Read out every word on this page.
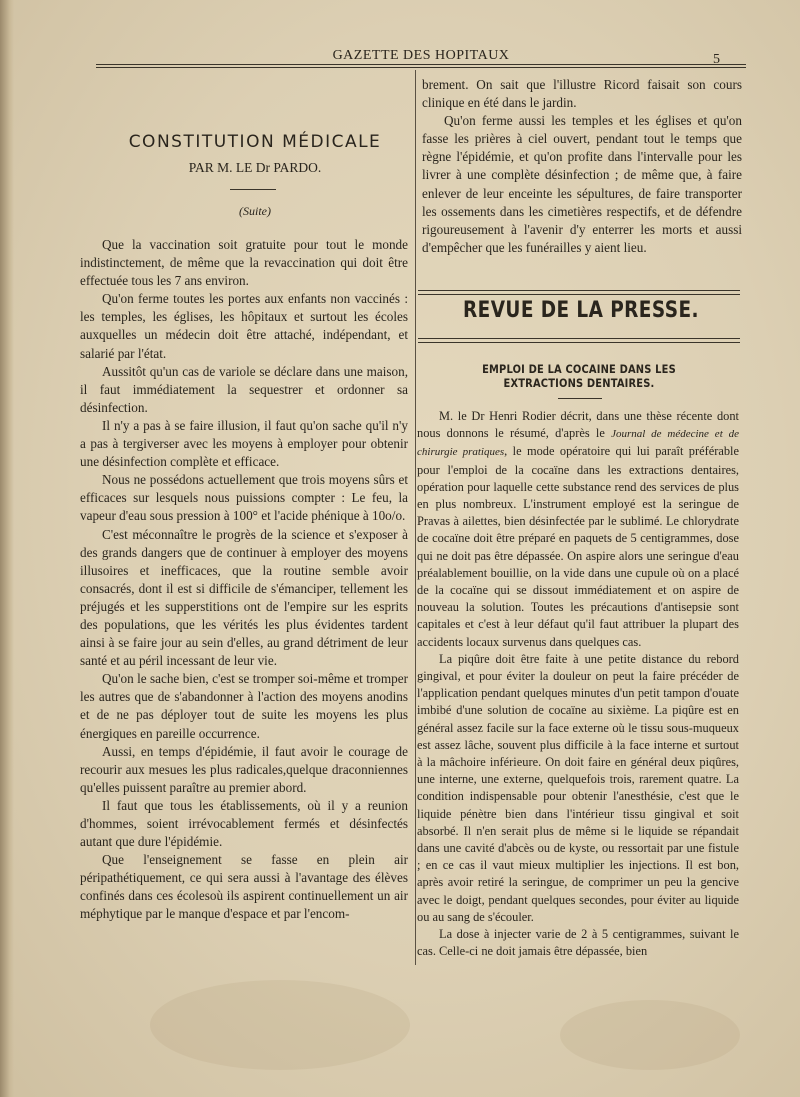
GAZETTE DES HOPITAUX	5
CONSTITUTION MÉDICALE
PAR M. LE Dr PARDO.
(Suite)

Que la vaccination soit gratuite pour tout le monde indistinctement, de même que la revaccination qui doit être effectuée tous les 7 ans environ.

Qu'on ferme toutes les portes aux enfants non vaccinés : les temples, les églises, les hôpitaux et surtout les écoles auxquelles un médecin doit être attaché, indépendant, et salarié par l'état.

Aussitôt qu'un cas de variole se déclare dans une maison, il faut immédiatement la sequestrer et ordonner sa désinfection.

Il n'y a pas à se faire illusion, il faut qu'on sache qu'il n'y a pas à tergiverser avec les moyens à employer pour obtenir une désinfection complète et efficace.

Nous ne possédons actuellement que trois moyens sûrs et efficaces sur lesquels nous puissions compter : Le feu, la vapeur d'eau sous pression à 100° et l'acide phénique à 10o/o.

C'est méconnaître le progrès de la science et s'exposer à des grands dangers que de continuer à employer des moyens illusoires et inefficaces, que la routine semble avoir consacrés, dont il est si difficile de s'émanciper, tellement les préjugés et les supperstitions ont de l'empire sur les esprits des populations, que les vérités les plus évidentes tardent ainsi à se faire jour au sein d'elles, au grand détriment de leur santé et au péril incessant de leur vie.

Qu'on le sache bien, c'est se tromper soi-même et tromper les autres que de s'abandonner à l'action des moyens anodins et de ne pas déployer tout de suite les moyens les plus énergiques en pareille occurrence.

Aussi, en temps d'épidémie, il faut avoir le courage de recourir aux mesues les plus radicales,quelque draconniennes qu'elles puissent paraître au premier abord.

Il faut que tous les établissements, où il y a reunion d'hommes, soient irrévocablement fermés et désinfectés autant que dure l'épidémie.

Que l'enseignement se fasse en plein air péripathétiquement, ce qui sera aussi à l'avantage des élèves confinés dans ces écolesoù ils aspirent continuellement un air méphytique par le manque d'espace et par l'encom-

brement. On sait que l'illustre Ricord faisait son cours clinique en été dans le jardin.

Qu'on ferme aussi les temples et les églises et qu'on fasse les prières à ciel ouvert, pendant tout le temps que règne l'épidémie, et qu'on profite dans l'intervalle pour les livrer à une complète désinfection ; de même que, à faire enlever de leur enceinte les sépultures, de faire transporter les ossements dans les cimetières respectifs, et de défendre rigoureusement à l'avenir d'y enterrer les morts et aussi d'empêcher que les funérailles y aient lieu.

REVUE DE LA PRESSE.
EMPLOI DE LA COCAINE DANS LES EXTRACTIONS DENTAIRES.

M. le Dr Henri Rodier décrit, dans une thèse récente dont nous donnons le résumé, d'après le Journal de médecine et de chirurgie pratiques, le mode opératoire qui lui paraît préférable pour l'emploi de la cocaïne dans les extractions dentaires, opération pour laquelle cette substance rend des services de plus en plus nombreux. L'instrument employé est la seringue de Pravas à ailettes, bien désinfectée par le sublimé. Le chlorydrate de cocaïne doit être préparé en paquets de 5 centigrammes, dose qui ne doit pas être dépassée. On aspire alors une seringue d'eau préalablement bouillie, on la vide dans une cupule où on a placé de la cocaïne qui se dissout immédiatement et on aspire de nouveau la solution. Toutes les précautions d'antisepsie sont capitales et c'est à leur défaut qu'il faut attribuer la plupart des accidents locaux survenus dans quelques cas.

La piqûre doit être faite à une petite distance du rebord gingival, et pour éviter la douleur on peut la faire précéder de l'application pendant quelques minutes d'un petit tampon d'ouate imbibé d'une solution de cocaïne au sixième. La piqûre est en général assez facile sur la face externe où le tissu sous-muqueux est assez lâche, souvent plus difficile à la face interne et surtout à la mâchoire inférieure. On doit faire en général deux piqûres, une interne, une externe, quelquefois trois, rarement quatre. La condition indispensable pour obtenir l'anesthésie, c'est que le liquide pénètre bien dans l'intérieur tissu gingival et soit absorbé. Il n'en serait plus de même si le liquide se répandait dans une cavité d'abcès ou de kyste, ou ressortait par une fistule ; en ce cas il vaut mieux multiplier les injections. Il est bon, après avoir retiré la seringue, de comprimer un peu la gencive avec le doigt, pendant quelques secondes, pour éviter au liquide ou au sang de s'écouler.

La dose à injecter varie de 2 à 5 centigrammes, suivant le cas. Celle-ci ne doit jamais être dépassée, bien
